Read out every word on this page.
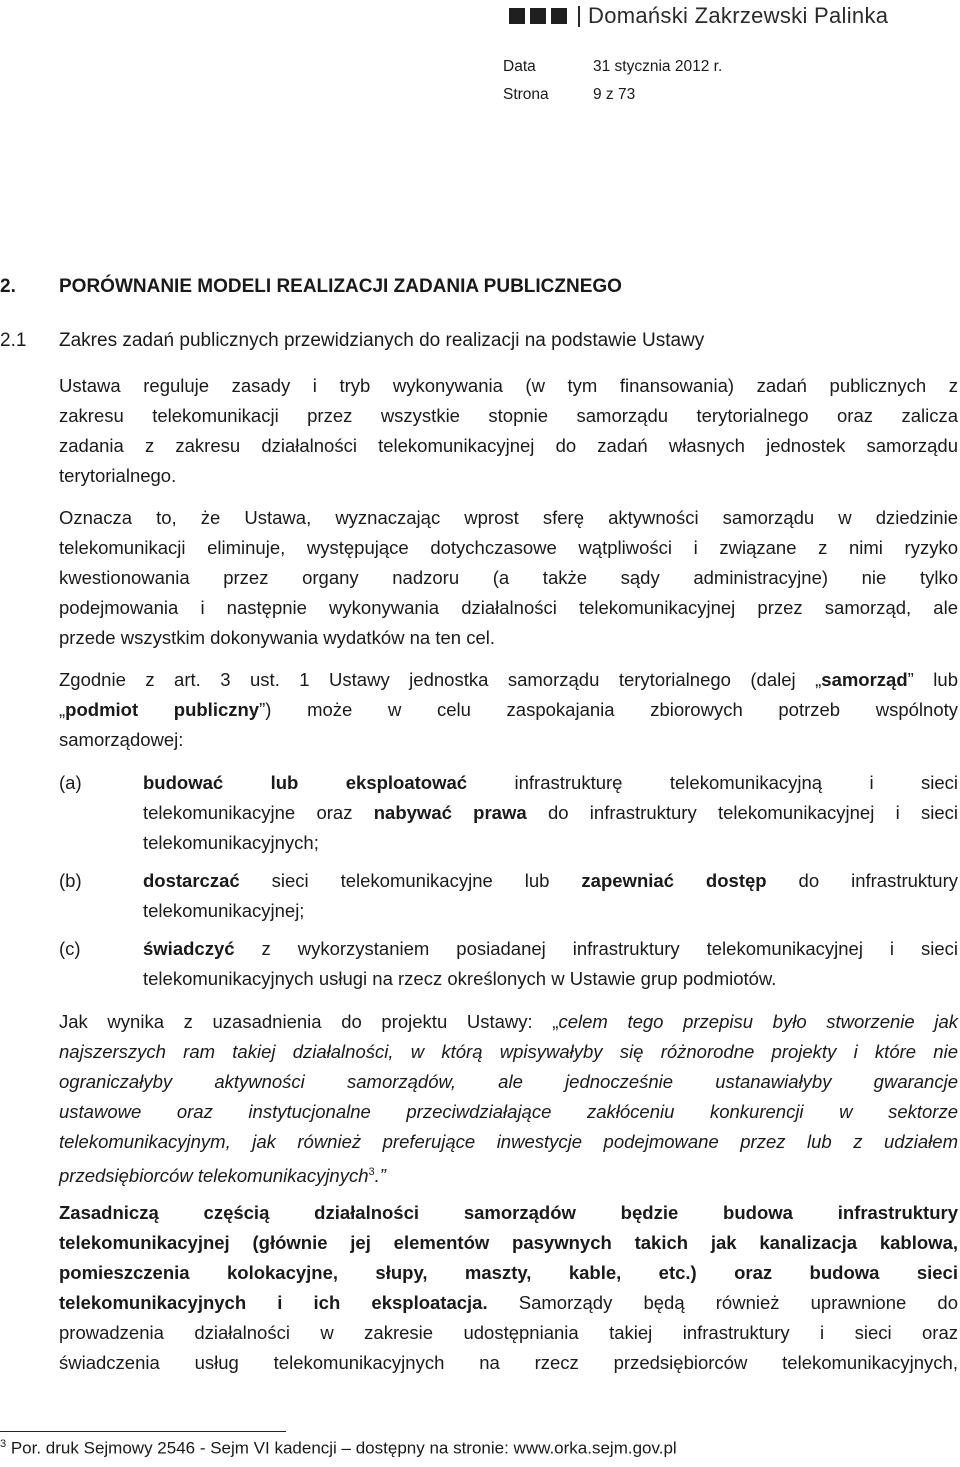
Domański Zakrzewski Palinka
Data	31 stycznia 2012 r.
Strona	9 z 73
2. PORÓWNANIE MODELI REALIZACJI ZADANIA PUBLICZNEGO
2.1 Zakres zadań publicznych przewidzianych do realizacji na podstawie Ustawy
Ustawa reguluje zasady i tryb wykonywania (w tym finansowania) zadań publicznych z
zakresu telekomunikacji przez wszystkie stopnie samorządu terytorialnego oraz zalicza
zadania z zakresu działalności telekomunikacyjnej do zadań własnych jednostek samorządu
terytorialnego.
Oznacza to, że Ustawa, wyznaczając wprost sferę aktywności samorządu w dziedzinie
telekomunikacji eliminuje, występujące dotychczasowe wątpliwości i związane z nimi ryzyko
kwestionowania przez organy nadzoru (a także sądy administracyjne) nie tylko
podejmowania i następnie wykonywania działalności telekomunikacyjnej przez samorząd, ale
przede wszystkim dokonywania wydatków na ten cel.
Zgodnie z art. 3 ust. 1 Ustawy jednostka samorządu terytorialnego (dalej „samorząd” lub
„podmiot publiczny”) może w celu zaspokajania zbiorowych potrzeb wspólnoty
samorządowej:
(a)	budować lub eksploatować infrastrukturę telekomunikacyjną i sieci
telekomunikacyjne oraz nabywać prawa do infrastruktury telekomunikacyjnej i sieci
telekomunikacyjnych;
(b)	dostarczać sieci telekomunikacyjne lub zapewniać dostęp do infrastruktury
telekomunikacyjnej;
(c)	świadczyć z wykorzystaniem posiadanej infrastruktury telekomunikacyjnej i sieci
telekomunikacyjnych usługi na rzecz określonych w Ustawie grup podmiotów.
Jak wynika z uzasadnienia do projektu Ustawy: „celem tego przepisu było stworzenie jak
najszerszych ram takiej działalności, w którą wpisywałyby się różnorodne projekty i które nie
ograniczałyby aktywności samorządów, ale jednocześnie ustanawiałyby gwarancje
ustawowe oraz instytucjonalne przeciwdziałające zakłóceniu konkurencji w sektorze
telekomunikacyjnym, jak również preferujące inwestycje podejmowane przez lub z udziałem
przedsiębiorców telekomunikacyjnych$^3$.”
Zasadniczą częścią działalności samorządów będzie budowa infrastruktury
telekomunikacyjnej (głównie jej elementów pasywnych takich jak kanalizacja kablowa,
pomieszczenia kolokacyjne, słupy, maszty, kable, etc.) oraz budowa sieci
telekomunikacyjnych i ich eksploatacja. Samorządy będą również uprawnione do
prowadzenia działalności w zakresie udostępniania takiej infrastruktury i sieci oraz
świadczenia usług telekomunikacyjnych na rzecz przedsiębiorców telekomunikacyjnych,
$^3$ Por. druk Sejmowy 2546 - Sejm VI kadencji – dostępny na stronie: www.orka.sejm.gov.pl
